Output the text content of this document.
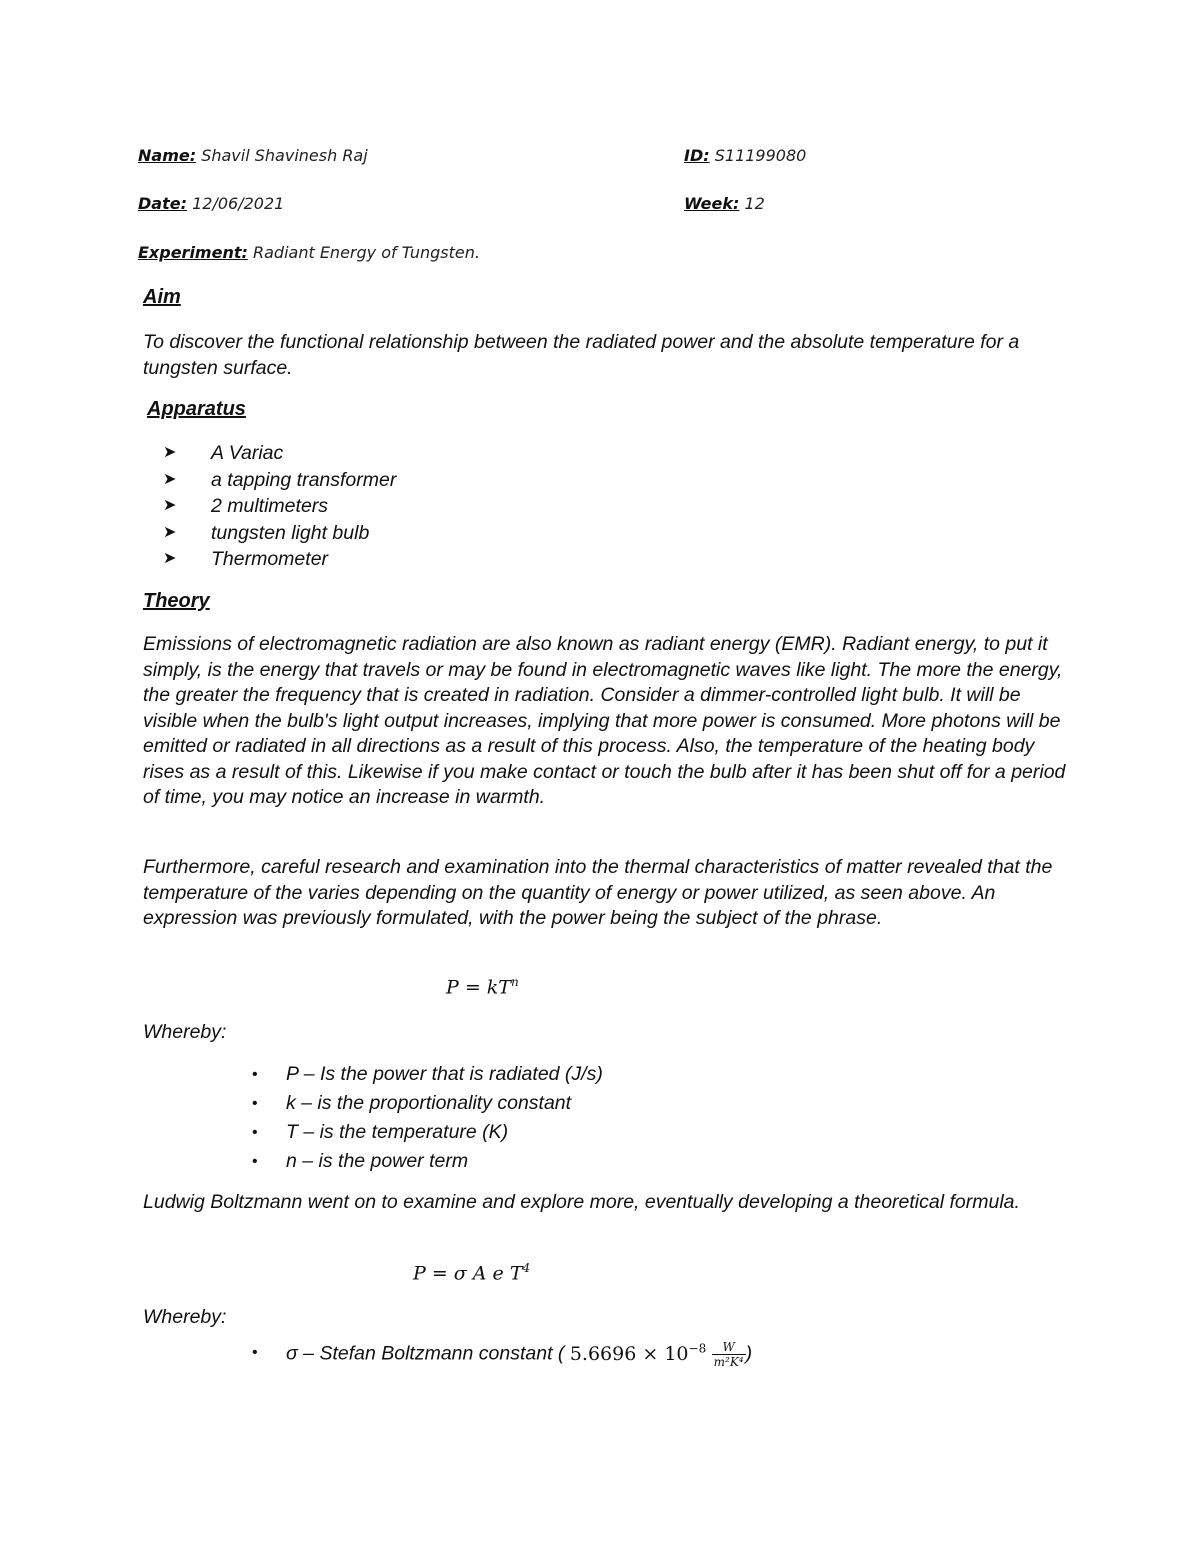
Name: Shavil Shavinesh Raj	ID: S11199080
Date: 12/06/2021	Week: 12
Experiment: Radiant Energy of Tungsten.
Aim

To discover the functional relationship between the radiated power and the absolute temperature for a tungsten surface.

Apparatus
➤ A Variac
➤ a tapping transformer
➤ 2 multimeters
➤ tungsten light bulb
➤ Thermometer
Theory

Emissions of electromagnetic radiation are also known as radiant energy (EMR). Radiant energy, to put it simply, is the energy that travels or may be found in electromagnetic waves like light. The more the energy, the greater the frequency that is created in radiation. Consider a dimmer-controlled light bulb. It will be visible when the bulb's light output increases, implying that more power is consumed. More photons will be emitted or radiated in all directions as a result of this process. Also, the temperature of the heating body rises as a result of this. Likewise if you make contact or touch the bulb after it has been shut off for a period of time, you may notice an increase in warmth.

Furthermore, careful research and examination into the thermal characteristics of matter revealed that the temperature of the varies depending on the quantity of energy or power utilized, as seen above. An expression was previously formulated, with the power being the subject of the phrase.

$P = kT^n$

Whereby:

• P – Is the power that is radiated (J/s)
• k – is the proportionality constant
• T – is the temperature (K)
• n – is the power term

Ludwig Boltzmann went on to examine and explore more, eventually developing a theoretical formula.

P = σ A e $T^4$

Whereby:

• σ – Stefan Boltzmann constant ( $5.6696 \times 10^{-8} \frac{W}{\text{m²K⁴}}$ )
